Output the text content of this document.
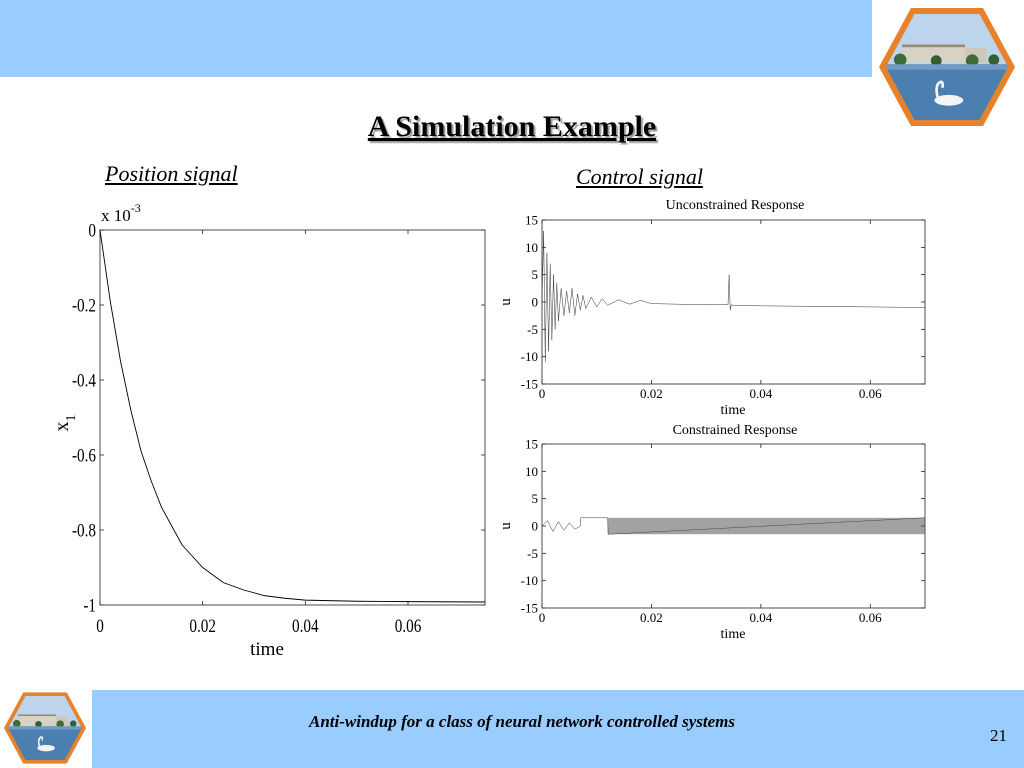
A Simulation Example
Position signal	Control signal
x $10^{-3}$
time
$x_1$
0	0.02	0.04	0.06
0
-0.2
-0.4
-0.6
-0.8
-1
Unconstrained Response
time
u
0	0.02	0.04	0.06
15
10
5
0
-5
-10
-15
Constrained Response
time
u
0	0.02	0.04	0.06
15
10
5
0
-5
-10
-15
Anti-windup for a class of neural network controlled systems
21
